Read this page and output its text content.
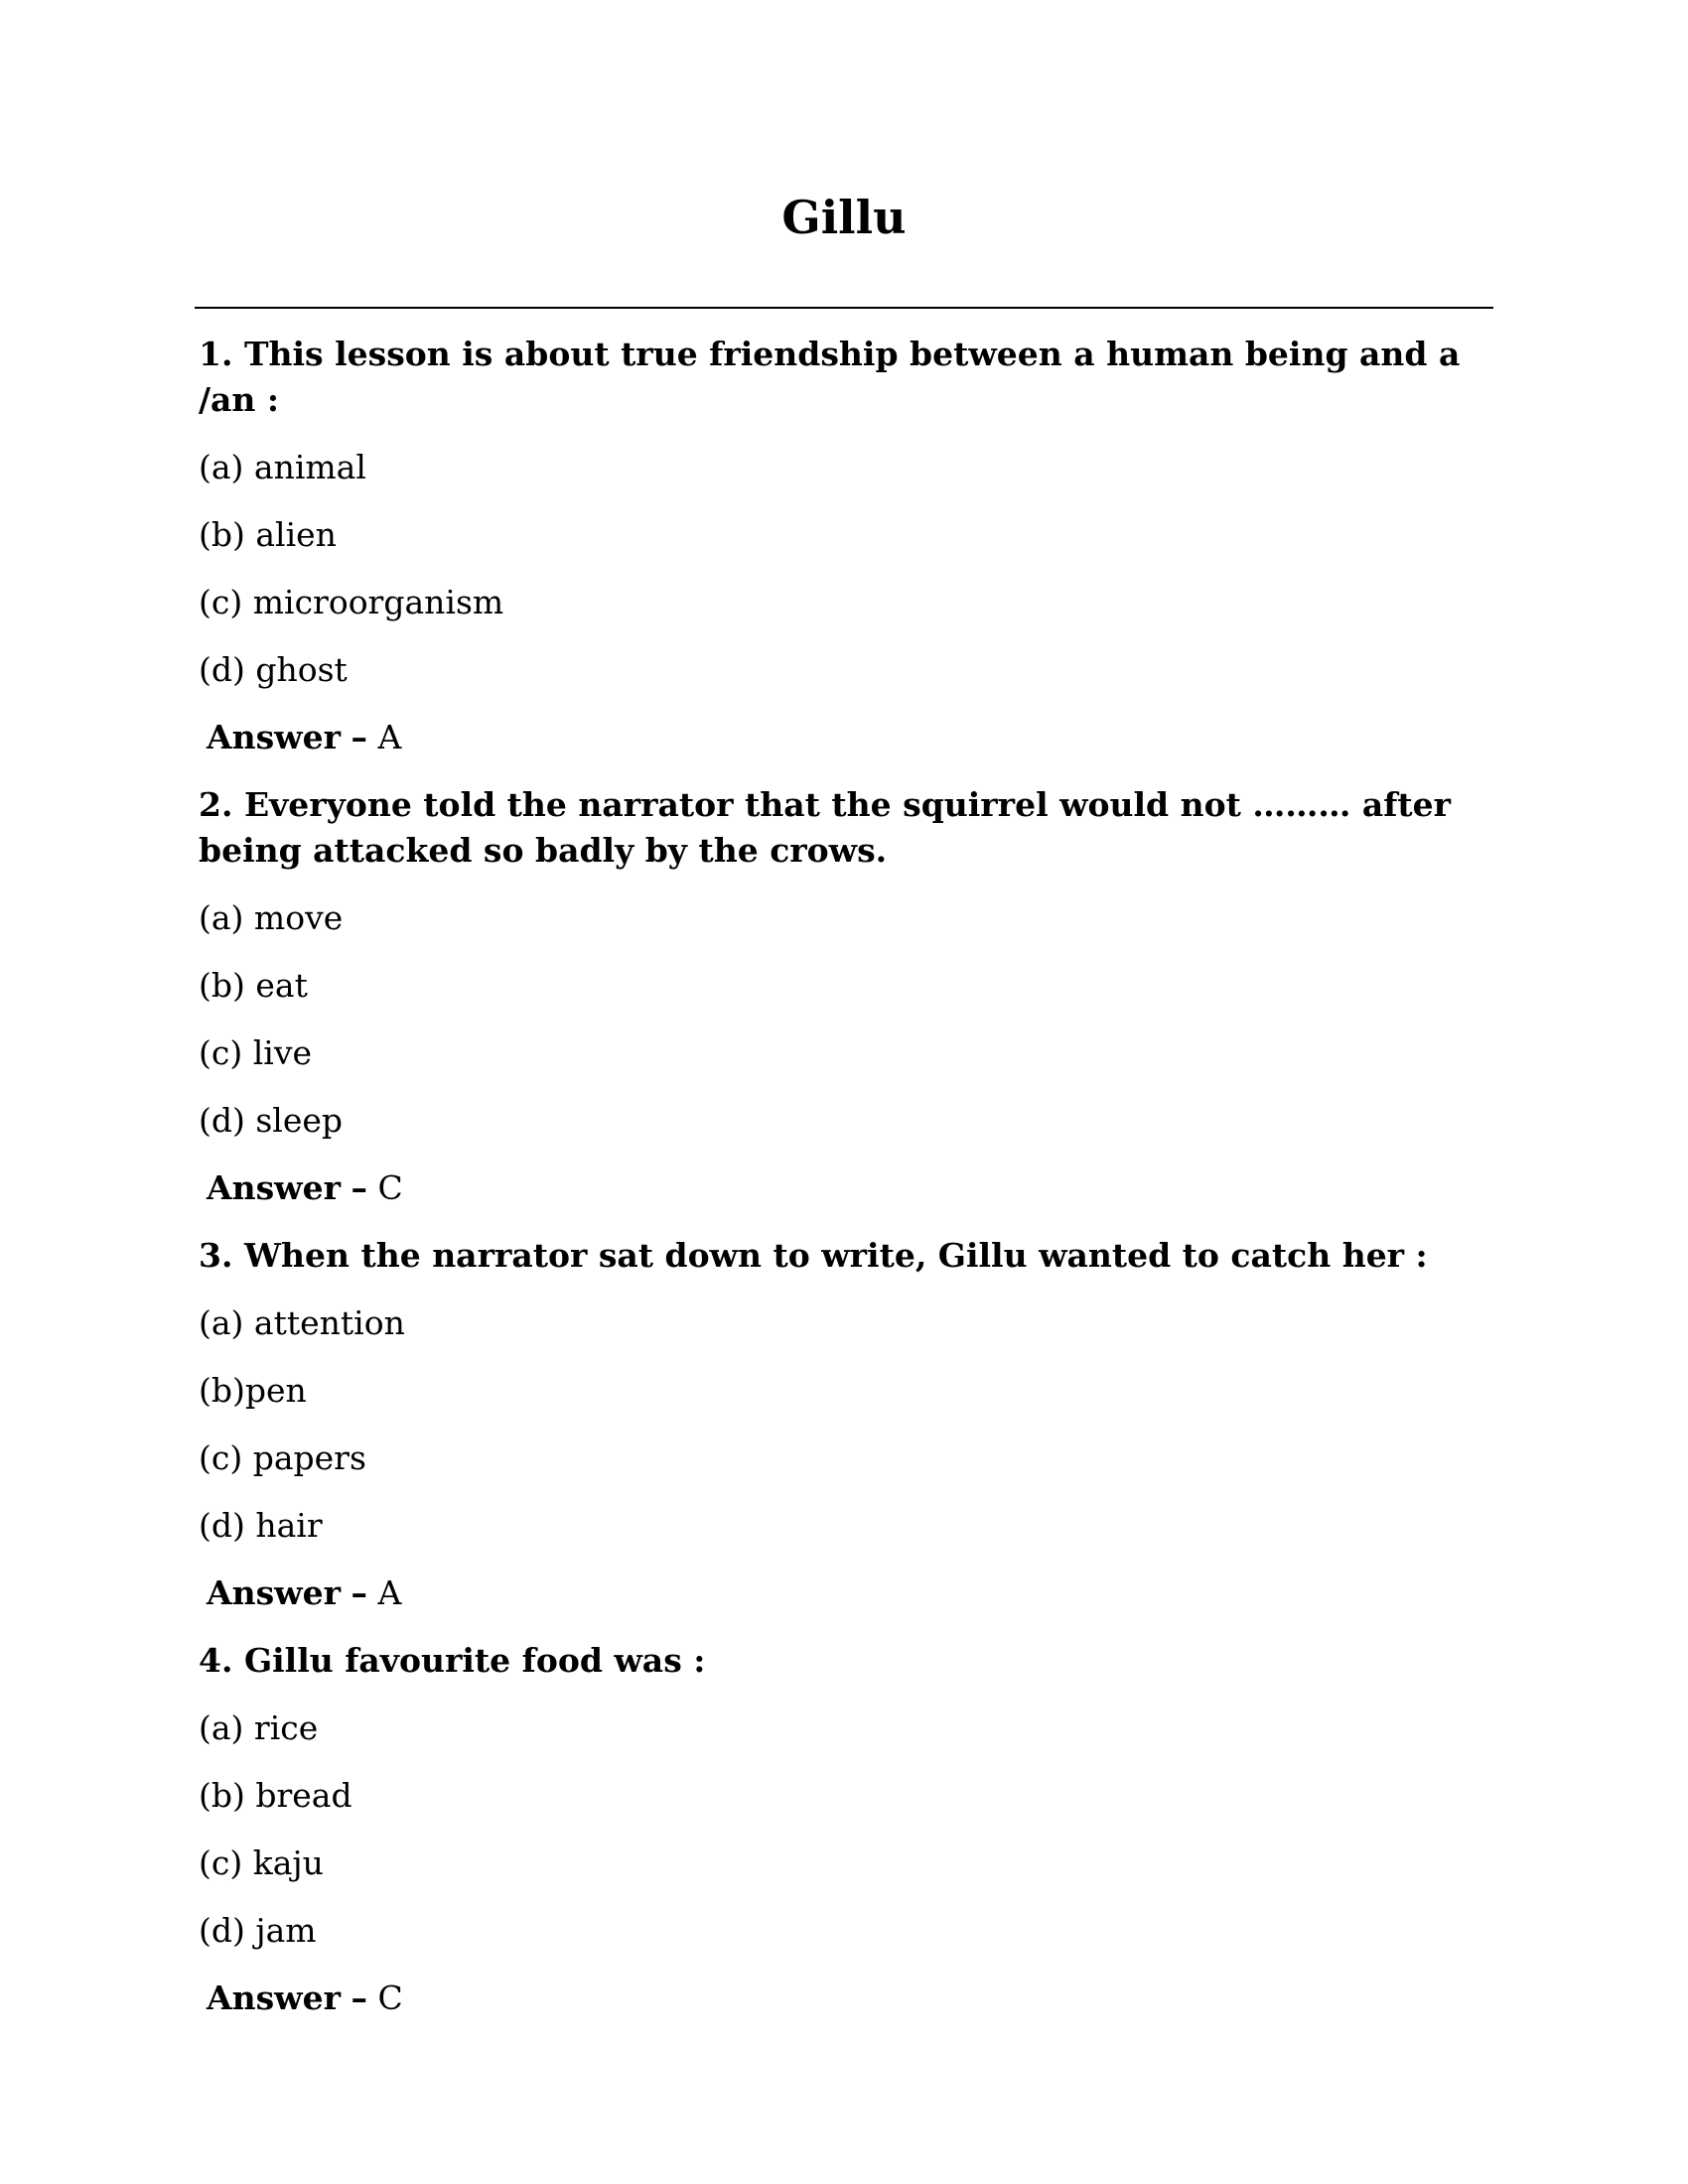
Gillu

1. This lesson is about true friendship between a human being and a /an :

(a) animal

(b) alien

(c) microorganism

(d) ghost

Answer – A

2. Everyone told the narrator that the squirrel would not ……… after being attacked so badly by the crows.

(a) move

(b) eat

(c) live

(d) sleep

Answer – C

3. When the narrator sat down to write, Gillu wanted to catch her :

(a) attention

(b)pen

(c) papers

(d) hair

Answer – A

4. Gillu favourite food was :

(a) rice

(b) bread

(c) kaju

(d) jam

Answer – C
